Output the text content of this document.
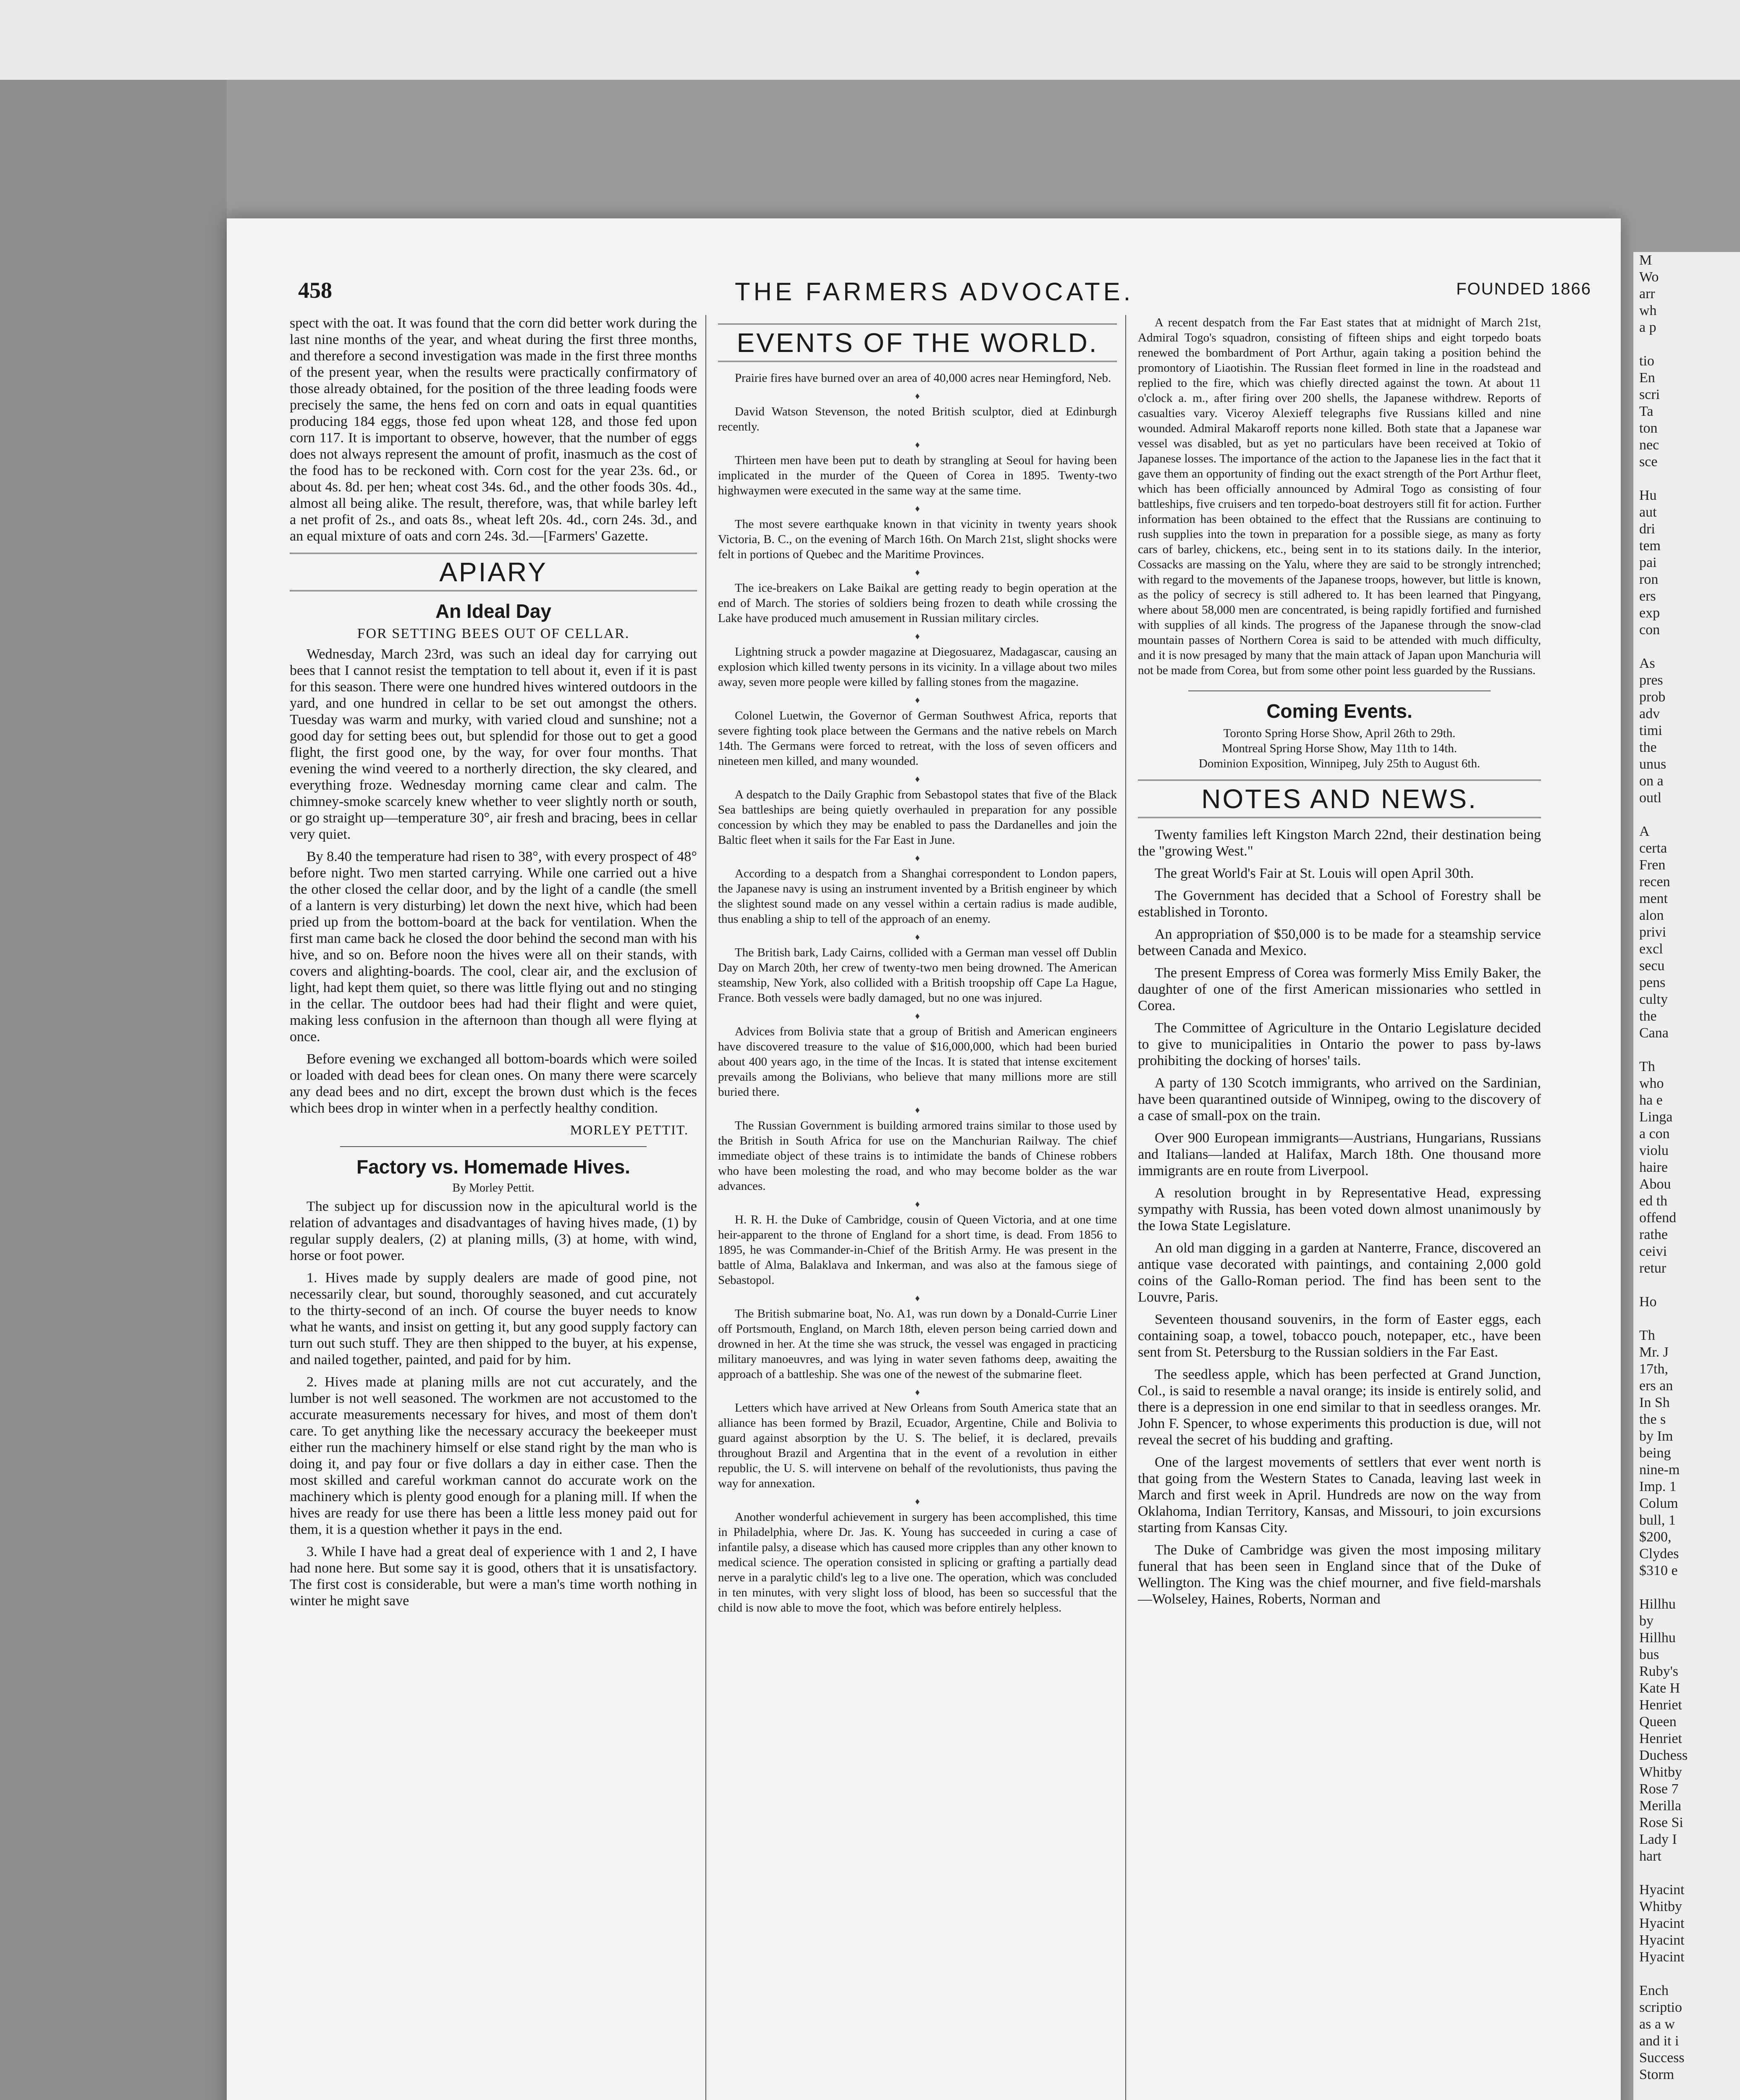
M
Wo
arr
wh
a p
tio
En
scri
Ta
ton
nec
sce
Hu
aut
dri
tem
pai
ron
ers
exp
con
As
pres
prob
adv
timi
the
unus
on a
outl
A
certa
Fren
recen
ment
alon
privi
excl
secu
pens
culty
the
Cana
Th
who
ha e
Linga
a con
violu
haire
Abou
ed th
offend
rathe
ceivi
retur
Ho
Th
Mr. J
17th,
ers an
In Sh
the s
by Im
being
nine-m
Imp. 1
Colum
bull, 1
$200,
Clydes
$310 e
Hillhu
by
Hillhu
bus
Ruby's
Kate H
Henriet
Queen
Henriet
Duchess
Whitby
Rose 7
Merilla
Rose Si
Lady I
hart
Hyacint
Whitby
Hyacint
Hyacint
Hyacint
Ench
scriptio
as a w
and it i
Success
Storm
458	THE FARMERS ADVOCATE.	FOUNDED 1866

spect with the oat. It was found that the corn did better work during the last nine months of the year, and wheat during the first three months, and therefore a second investigation was made in the first three months of the present year, when the results were practically confirmatory of those already obtained, for the position of the three leading foods were precisely the same, the hens fed on corn and oats in equal quantities producing 184 eggs, those fed upon wheat 128, and those fed upon corn 117. It is important to observe, however, that the number of eggs does not always represent the amount of profit, inasmuch as the cost of the food has to be reckoned with. Corn cost for the year 23s. 6d., or about 4s. 8d. per hen; wheat cost 34s. 6d., and the other foods 30s. 4d., almost all being alike. The result, therefore, was, that while barley left a net profit of 2s., and oats 8s., wheat left 20s. 4d., corn 24s. 3d., and an equal mixture of oats and corn 24s. 3d.—[Farmers' Gazette.

APIARY
An Ideal Day
FOR SETTING BEES OUT OF CELLAR.

Wednesday, March 23rd, was such an ideal day for carrying out bees that I cannot resist the temptation to tell about it, even if it is past for this season. There were one hundred hives wintered outdoors in the yard, and one hundred in cellar to be set out amongst the others. Tuesday was warm and murky, with varied cloud and sunshine; not a good day for setting bees out, but splendid for those out to get a good flight, the first good one, by the way, for over four months. That evening the wind veered to a northerly direction, the sky cleared, and everything froze. Wednesday morning came clear and calm. The chimney-smoke scarcely knew whether to veer slightly north or south, or go straight up—temperature 30°, air fresh and bracing, bees in cellar very quiet.

By 8.40 the temperature had risen to 38°, with every prospect of 48° before night. Two men started carrying. While one carried out a hive the other closed the cellar door, and by the light of a candle (the smell of a lantern is very disturbing) let down the next hive, which had been pried up from the bottom-board at the back for ventilation. When the first man came back he closed the door behind the second man with his hive, and so on. Before noon the hives were all on their stands, with covers and alighting-boards. The cool, clear air, and the exclusion of light, had kept them quiet, so there was little flying out and no stinging in the cellar. The outdoor bees had had their flight and were quiet, making less confusion in the afternoon than though all were flying at once.

Before evening we exchanged all bottom-boards which were soiled or loaded with dead bees for clean ones. On many there were scarcely any dead bees and no dirt, except the brown dust which is the feces which bees drop in winter when in a perfectly healthy condition.

MORLEY PETTIT.
Factory vs. Homemade Hives.
By Morley Pettit.

The subject up for discussion now in the apicultural world is the relation of advantages and disadvantages of having hives made, (1) by regular supply dealers, (2) at planing mills, (3) at home, with wind, horse or foot power.

1. Hives made by supply dealers are made of good pine, not necessarily clear, but sound, thoroughly seasoned, and cut accurately to the thirty-second of an inch. Of course the buyer needs to know what he wants, and insist on getting it, but any good supply factory can turn out such stuff. They are then shipped to the buyer, at his expense, and nailed together, painted, and paid for by him.

2. Hives made at planing mills are not cut accurately, and the lumber is not well seasoned. The workmen are not accustomed to the accurate measurements necessary for hives, and most of them don't care. To get anything like the necessary accuracy the beekeeper must either run the machinery himself or else stand right by the man who is doing it, and pay four or five dollars a day in either case. Then the most skilled and careful workman cannot do accurate work on the machinery which is plenty good enough for a planing mill. If when the hives are ready for use there has been a little less money paid out for them, it is a question whether it pays in the end.

3. While I have had a great deal of experience with 1 and 2, I have had none here. But some say it is good, others that it is unsatisfactory. The first cost is considerable, but were a man's time worth nothing in winter he might save

EVENTS OF THE WORLD.

Prairie fires have burned over an area of 40,000 acres near Hemingford, Neb.

♦

David Watson Stevenson, the noted British sculptor, died at Edinburgh recently.

♦

Thirteen men have been put to death by strangling at Seoul for having been implicated in the murder of the Queen of Corea in 1895. Twenty-two highwaymen were executed in the same way at the same time.

♦

The most severe earthquake known in that vicinity in twenty years shook Victoria, B. C., on the evening of March 16th. On March 21st, slight shocks were felt in portions of Quebec and the Maritime Provinces.

♦

The ice-breakers on Lake Baikal are getting ready to begin operation at the end of March. The stories of soldiers being frozen to death while crossing the Lake have produced much amusement in Russian military circles.

♦

Lightning struck a powder magazine at Diegosuarez, Madagascar, causing an explosion which killed twenty persons in its vicinity. In a village about two miles away, seven more people were killed by falling stones from the magazine.

♦

Colonel Luetwin, the Governor of German Southwest Africa, reports that severe fighting took place between the Germans and the native rebels on March 14th. The Germans were forced to retreat, with the loss of seven officers and nineteen men killed, and many wounded.

♦

A despatch to the Daily Graphic from Sebastopol states that five of the Black Sea battleships are being quietly overhauled in preparation for any possible concession by which they may be enabled to pass the Dardanelles and join the Baltic fleet when it sails for the Far East in June.

♦

According to a despatch from a Shanghai correspondent to London papers, the Japanese navy is using an instrument invented by a British engineer by which the slightest sound made on any vessel within a certain radius is made audible, thus enabling a ship to tell of the approach of an enemy.

♦

The British bark, Lady Cairns, collided with a German man vessel off Dublin Day on March 20th, her crew of twenty-two men being drowned. The American steamship, New York, also collided with a British troopship off Cape La Hague, France. Both vessels were badly damaged, but no one was injured.

♦

Advices from Bolivia state that a group of British and American engineers have discovered treasure to the value of $16,000,000, which had been buried about 400 years ago, in the time of the Incas. It is stated that intense excitement prevails among the Bolivians, who believe that many millions more are still buried there.

♦

The Russian Government is building armored trains similar to those used by the British in South Africa for use on the Manchurian Railway. The chief immediate object of these trains is to intimidate the bands of Chinese robbers who have been molesting the road, and who may become bolder as the war advances.

♦

H. R. H. the Duke of Cambridge, cousin of Queen Victoria, and at one time heir-apparent to the throne of England for a short time, is dead. From 1856 to 1895, he was Commander-in-Chief of the British Army. He was present in the battle of Alma, Balaklava and Inkerman, and was also at the famous siege of Sebastopol.

♦

The British submarine boat, No. A1, was run down by a Donald-Currie Liner off Portsmouth, England, on March 18th, eleven person being carried down and drowned in her. At the time she was struck, the vessel was engaged in practicing military manoeuvres, and was lying in water seven fathoms deep, awaiting the approach of a battleship. She was one of the newest of the submarine fleet.

♦

Letters which have arrived at New Orleans from South America state that an alliance has been formed by Brazil, Ecuador, Argentine, Chile and Bolivia to guard against absorption by the U. S. The belief, it is declared, prevails throughout Brazil and Argentina that in the event of a revolution in either republic, the U. S. will intervene on behalf of the revolutionists, thus paving the way for annexation.

♦

Another wonderful achievement in surgery has been accomplished, this time in Philadelphia, where Dr. Jas. K. Young has succeeded in curing a case of infantile palsy, a disease which has caused more cripples than any other known to medical science. The operation consisted in splicing or grafting a partially dead nerve in a paralytic child's leg to a live one. The operation, which was concluded in ten minutes, with very slight loss of blood, has been so successful that the child is now able to move the foot, which was before entirely helpless.

A recent despatch from the Far East states that at midnight of March 21st, Admiral Togo's squadron, consisting of fifteen ships and eight torpedo boats renewed the bombardment of Port Arthur, again taking a position behind the promontory of Liaotishin. The Russian fleet formed in line in the roadstead and replied to the fire, which was chiefly directed against the town. At about 11 o'clock a. m., after firing over 200 shells, the Japanese withdrew. Reports of casualties vary. Viceroy Alexieff telegraphs five Russians killed and nine wounded. Admiral Makaroff reports none killed. Both state that a Japanese war vessel was disabled, but as yet no particulars have been received at Tokio of Japanese losses. The importance of the action to the Japanese lies in the fact that it gave them an opportunity of finding out the exact strength of the Port Arthur fleet, which has been officially announced by Admiral Togo as consisting of four battleships, five cruisers and ten torpedo-boat destroyers still fit for action. Further information has been obtained to the effect that the Russians are continuing to rush supplies into the town in preparation for a possible siege, as many as forty cars of barley, chickens, etc., being sent in to its stations daily. In the interior, Cossacks are massing on the Yalu, where they are said to be strongly intrenched; with regard to the movements of the Japanese troops, however, but little is known, as the policy of secrecy is still adhered to. It has been learned that Pingyang, where about 58,000 men are concentrated, is being rapidly fortified and furnished with supplies of all kinds. The progress of the Japanese through the snow-clad mountain passes of Northern Corea is said to be attended with much difficulty, and it is now presaged by many that the main attack of Japan upon Manchuria will not be made from Corea, but from some other point less guarded by the Russians.

Coming Events.

Toronto Spring Horse Show, April 26th to 29th.

Montreal Spring Horse Show, May 11th to 14th.

Dominion Exposition, Winnipeg, July 25th to August 6th.

NOTES AND NEWS.

Twenty families left Kingston March 22nd, their destination being the "growing West."

The great World's Fair at St. Louis will open April 30th.

The Government has decided that a School of Forestry shall be established in Toronto.

An appropriation of $50,000 is to be made for a steamship service between Canada and Mexico.

The present Empress of Corea was formerly Miss Emily Baker, the daughter of one of the first American missionaries who settled in Corea.

The Committee of Agriculture in the Ontario Legislature decided to give to municipalities in Ontario the power to pass by-laws prohibiting the docking of horses' tails.

A party of 130 Scotch immigrants, who arrived on the Sardinian, have been quarantined outside of Winnipeg, owing to the discovery of a case of small-pox on the train.

Over 900 European immigrants—Austrians, Hungarians, Russians and Italians—landed at Halifax, March 18th. One thousand more immigrants are en route from Liverpool.

A resolution brought in by Representative Head, expressing sympathy with Russia, has been voted down almost unanimously by the Iowa State Legislature.

An old man digging in a garden at Nanterre, France, discovered an antique vase decorated with paintings, and containing 2,000 gold coins of the Gallo-Roman period. The find has been sent to the Louvre, Paris.

Seventeen thousand souvenirs, in the form of Easter eggs, each containing soap, a towel, tobacco pouch, notepaper, etc., have been sent from St. Petersburg to the Russian soldiers in the Far East.

The seedless apple, which has been perfected at Grand Junction, Col., is said to resemble a naval orange; its inside is entirely solid, and there is a depression in one end similar to that in seedless oranges. Mr. John F. Spencer, to whose experiments this production is due, will not reveal the secret of his budding and grafting.

One of the largest movements of settlers that ever went north is that going from the Western States to Canada, leaving last week in March and first week in April. Hundreds are now on the way from Oklahoma, Indian Territory, Kansas, and Missouri, to join excursions starting from Kansas City.

The Duke of Cambridge was given the most imposing military funeral that has been seen in England since that of the Duke of Wellington. The King was the chief mourner, and five field-marshals—Wolseley, Haines, Roberts, Norman and
